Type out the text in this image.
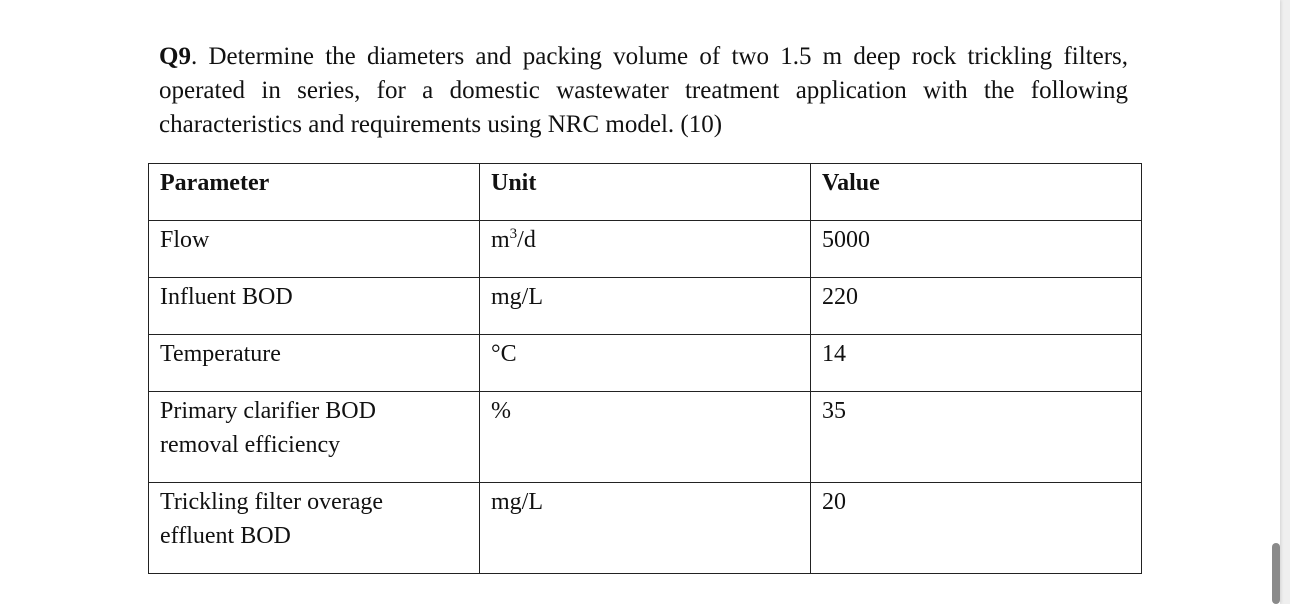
Q9. Determine the diameters and packing volume of two 1.5 m deep rock trickling filters, operated in series, for a domestic wastewater treatment application with the following characteristics and requirements using NRC model. (10)
Parameter	Unit	Value
Flow	$m^3/d$	5000
Influent BOD	mg/L	220
Temperature	°C	14
Primary clarifier BOD
removal efficiency	%	35
Trickling filter overage
effluent BOD	mg/L	20
